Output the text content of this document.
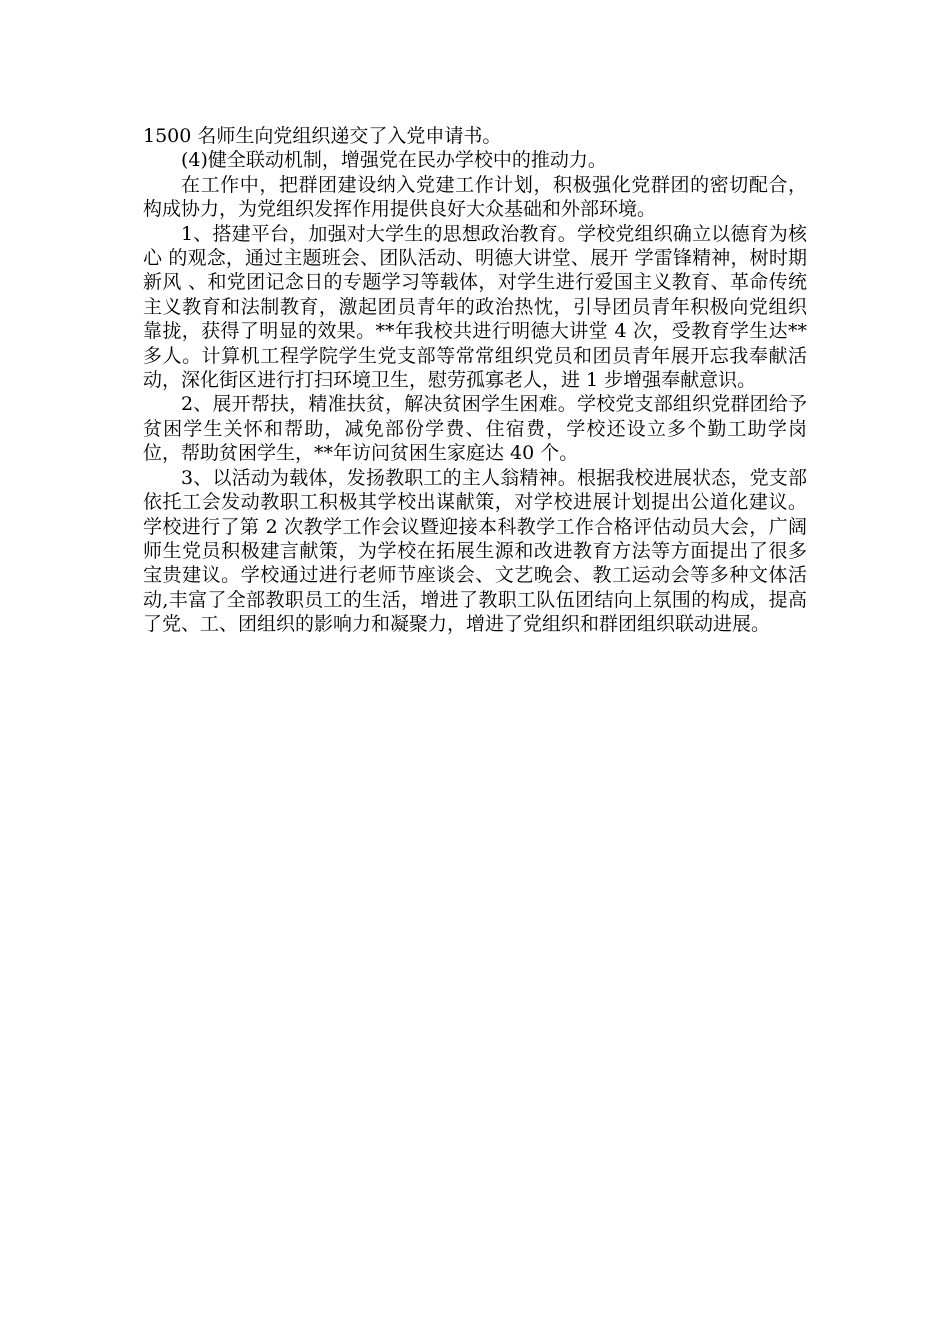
1500 名师生向党组织递交了入党申请书。

(4)健全联动机制，增强党在民办学校中的推动力。

在工作中，把群团建设纳入党建工作计划，积极强化党群团的密切配合，构成协力，为党组织发挥作用提供良好大众基础和外部环境。

1、搭建平台，加强对大学生的思想政治教育。学校党组织确立以德育为核心 的观念，通过主题班会、团队活动、明德大讲堂、展开 学雷锋精神，树时期新风 、和党团记念日的专题学习等载体，对学生进行爱国主义教育、革命传统主义教育和法制教育，激起团员青年的政治热忱，引导团员青年积极向党组织靠拢，获得了明显的效果。**年我校共进行明德大讲堂 4 次，受教育学生达**多人。计算机工程学院学生党支部等常常组织党员和团员青年展开忘我奉献活动，深化街区进行打扫环境卫生，慰劳孤寡老人，进 1 步增强奉献意识。

2、展开帮扶，精准扶贫，解决贫困学生困难。学校党支部组织党群团给予贫困学生关怀和帮助，减免部份学费、住宿费，学校还设立多个勤工助学岗位，帮助贫困学生，**年访问贫困生家庭达 40 个。

3、以活动为载体，发扬教职工的主人翁精神。根据我校进展状态，党支部依托工会发动教职工积极其学校出谋献策，对学校进展计划提出公道化建议。学校进行了第 2 次教学工作会议暨迎接本科教学工作合格评估动员大会，广阔师生党员积极建言献策，为学校在拓展生源和改进教育方法等方面提出了很多宝贵建议。学校通过进行老师节座谈会、文艺晚会、教工运动会等多种文体活动,丰富了全部教职员工的生活，增进了教职工队伍团结向上氛围的构成，提高了党、工、团组织的影响力和凝聚力，增进了党组织和群团组织联动进展。
